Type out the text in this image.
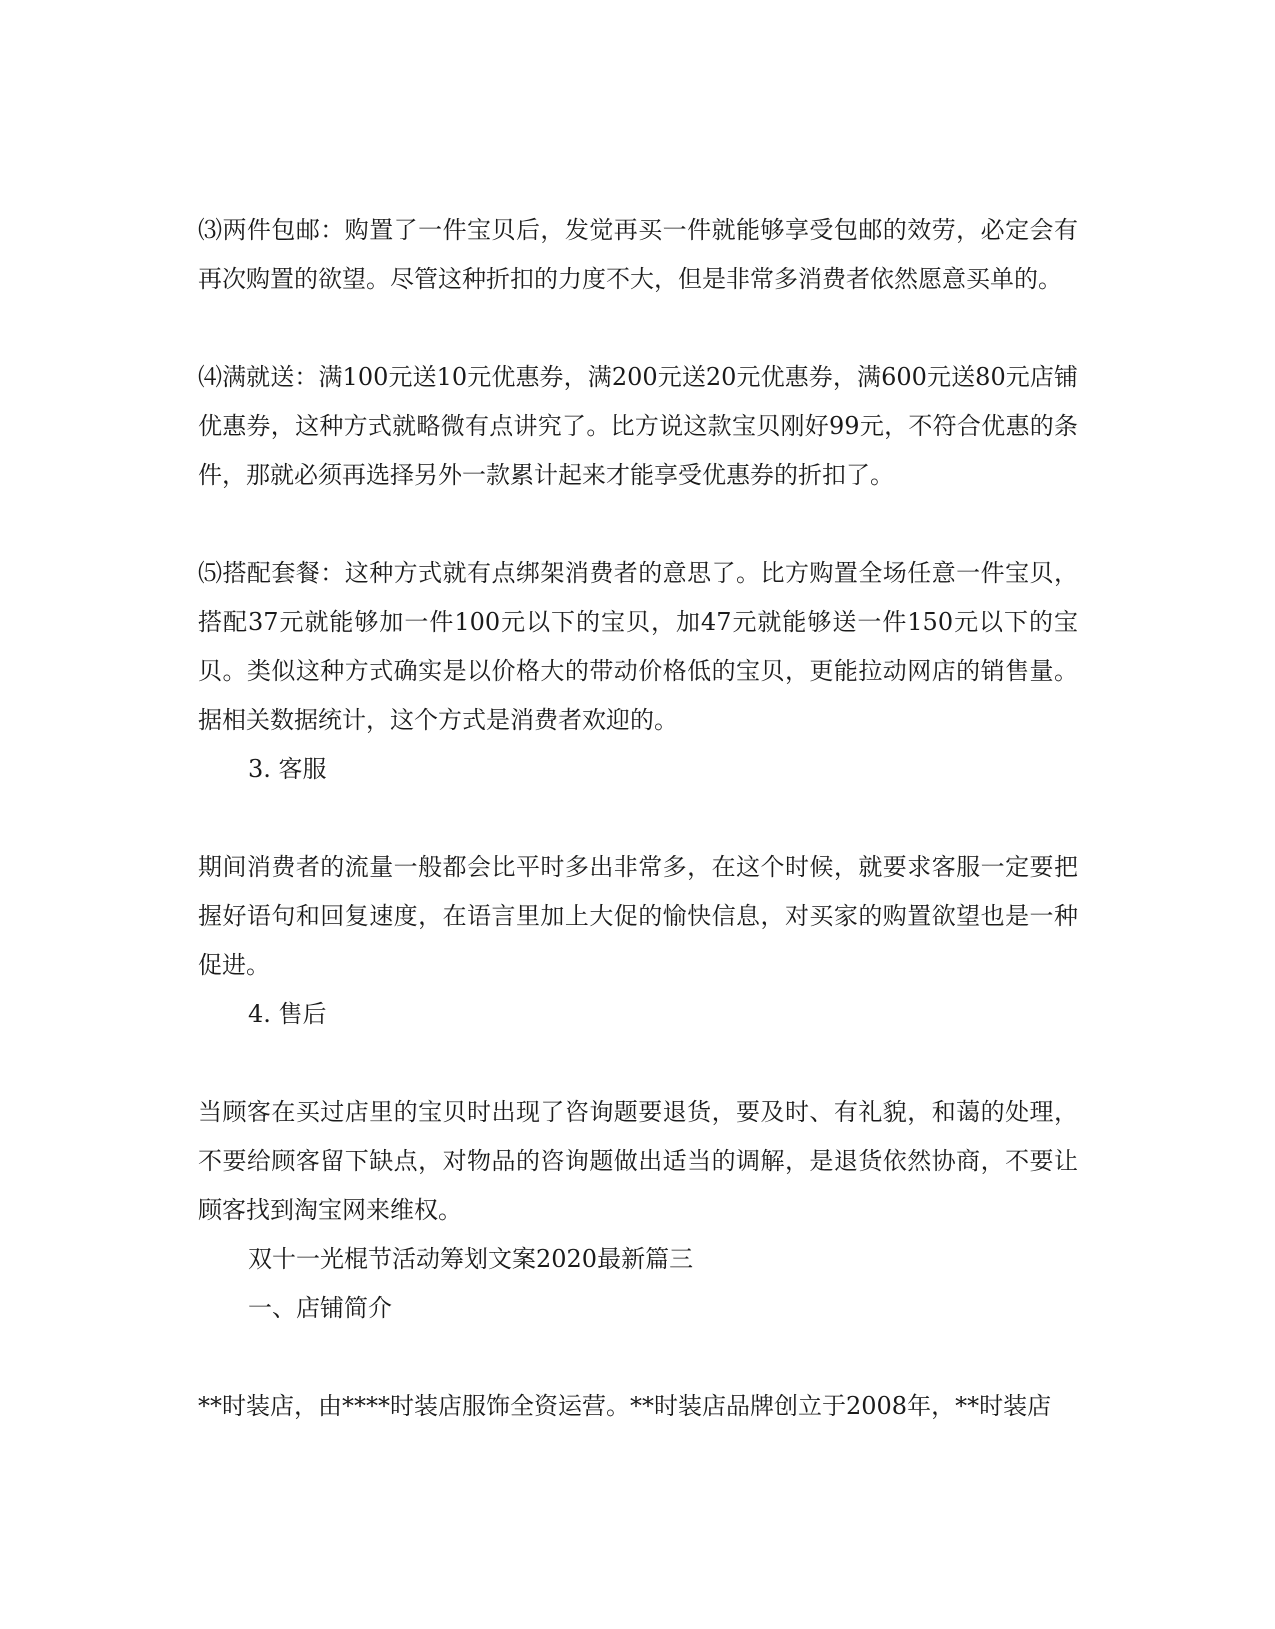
⑶两件包邮：购置了一件宝贝后，发觉再买一件就能够享受包邮的效劳，必定会有再次购置的欲望。尽管这种折扣的力度不大，但是非常多消费者依然愿意买单的。

⑷满就送：满100元送10元优惠券，满200元送20元优惠券，满600元送80元店铺优惠券，这种方式就略微有点讲究了。比方说这款宝贝刚好99元，不符合优惠的条件，那就必须再选择另外一款累计起来才能享受优惠券的折扣了。

⑸搭配套餐：这种方式就有点绑架消费者的意思了。比方购置全场任意一件宝贝，搭配37元就能够加一件100元以下的宝贝，加47元就能够送一件150元以下的宝贝。类似这种方式确实是以价格大的带动价格低的宝贝，更能拉动网店的销售量。据相关数据统计，这个方式是消费者欢迎的。

3. 客服

期间消费者的流量一般都会比平时多出非常多，在这个时候，就要求客服一定要把握好语句和回复速度，在语言里加上大促的愉快信息，对买家的购置欲望也是一种促进。

4. 售后

当顾客在买过店里的宝贝时出现了咨询题要退货，要及时、有礼貌，和蔼的处理，不要给顾客留下缺点，对物品的咨询题做出适当的调解，是退货依然协商，不要让顾客找到淘宝网来维权。

双十一光棍节活动筹划文案2020最新篇三

一、店铺简介

**时装店，由****时装店服饰全资运营。**时装店品牌创立于2008年，**时装店
